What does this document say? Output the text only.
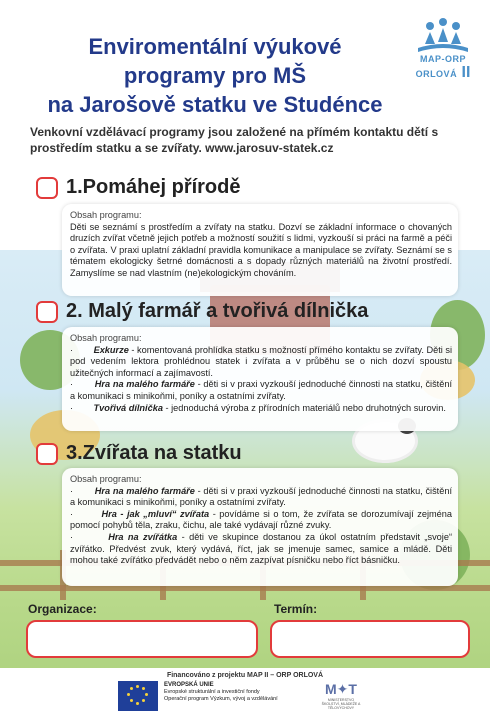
MAP-ORP
ORLOVÁ II
Enviromentální výukové
programy pro MŠ
na Jarošově statku ve Studénce
Venkovní vzdělávací programy jsou založené na přímém kontaktu dětí s prostředím statku a se zvířaty. www.jarosuv-statek.cz
1.Pomáhej přírodě

Obsah programu:

Děti se seznámí s prostředím a zvířaty na statku. Dozví se základní informace o chovaných druzích zvířat včetně jejich potřeb a možností soužití s lidmi, vyzkouší si práci na farmě a péči o zvířata. V praxi uplatní základní pravidla komunikace a manipulace se zvířaty. Seznámí se s tématem ekologicky šetrné domácnosti a s dopady různých materiálů na životní prostředí. Zamyslíme se nad vlastním (ne)ekologickým chováním.

2. Malý farmář a tvořivá dílnička

Obsah programu:

·        Exkurze - komentovaná prohlídka statku s možností přímého kontaktu se zvířaty. Děti si pod vedením lektora prohlédnou statek i zvířata a v průběhu se o nich dozví spoustu užitečných informací a zajímavostí.

·        Hra na malého farmáře - děti si v praxi vyzkouší jednoduché činnosti na statku, čištění a komunikaci s minikoňmi, poníky a ostatními zvířaty.

·        Tvořivá dílnička - jednoduchá výroba z přírodních materiálů nebo druhotných surovin.

3.Zvířata na statku

Obsah programu:

·        Hra na malého farmáře - děti si v praxi vyzkouší jednoduché činnosti na statku, čištění a komunikaci s minikoňmi, poníky a ostatními zvířaty.

·        Hra - jak „mluví“ zvířata - povídáme si o tom, že zvířata se dorozumívají zejména pomocí pohybů těla, zraku, čichu, ale také vydávají různé zvuky.

·        Hra na zvířátka - děti ve skupince dostanou za úkol ostatním představit „svoje“ zvířátko. Předvést zvuk, který vydává, říct, jak se jmenuje samec, samice a mládě. Děti mohou také zvířátko předvádět nebo o něm zazpívat písničku nebo říct básničku.

Organizace:	Termín:
Financováno z projektu MAP II – ORP ORLOVÁ
EVROPSKÁ UNIE
Evropské strukturální a investiční fondy
Operační program Výzkum, vývoj a vzdělávání
M✦T
MINISTERSTVO ŠKOLSTVÍ, MLÁDEŽE A TĚLOVÝCHOVY
